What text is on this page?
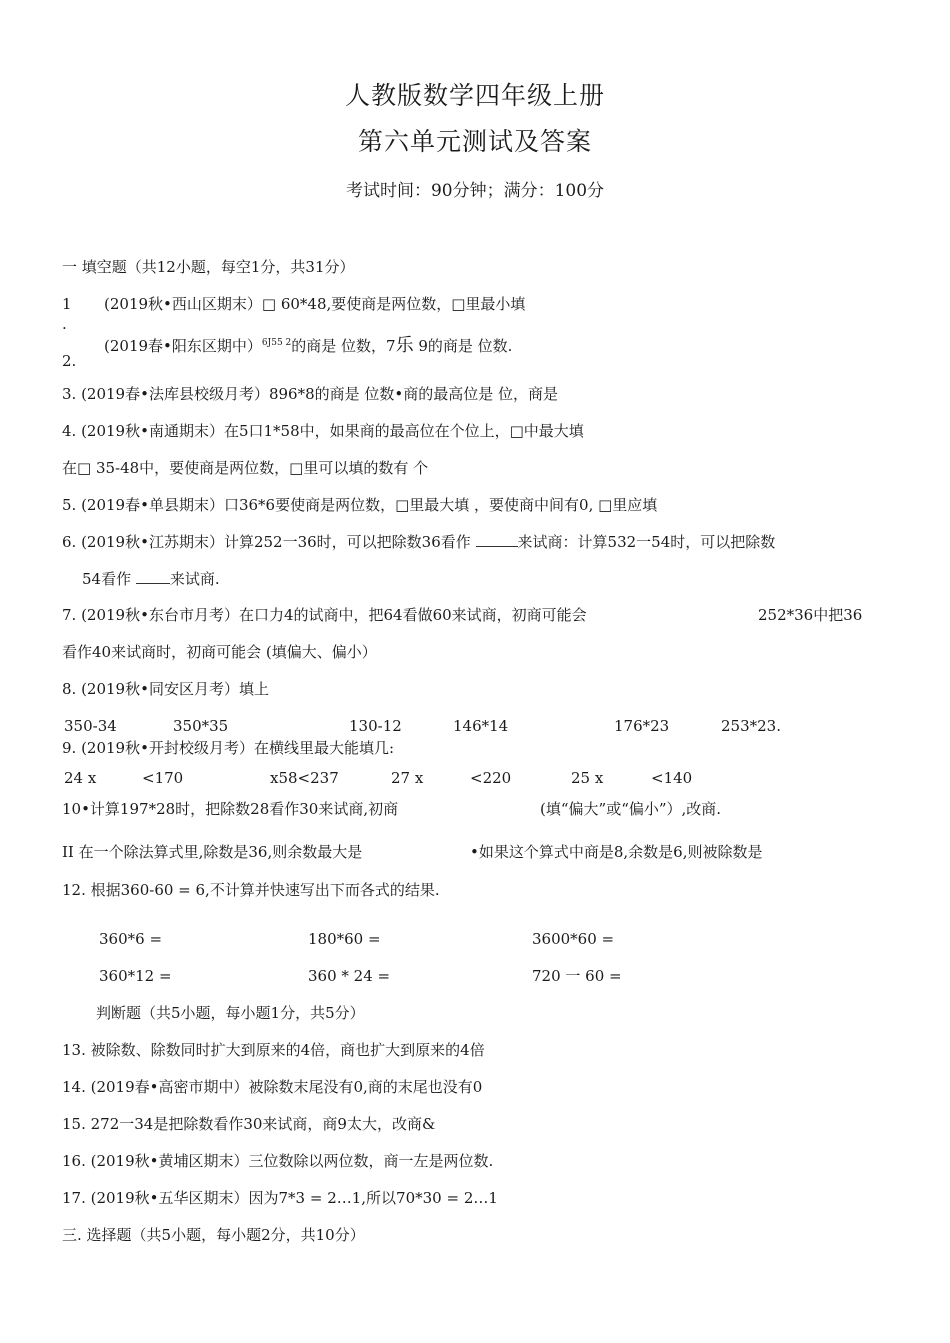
人教版数学四年级上册
第六单元测试及答案
考试时间：90分钟；满分：100分
一 填空题（共12小题，每空1分，共31分）
1
.
(2019秋•西山区期末）□ 60*48,要使商是两位数，□里最小填
(2019春•阳东区期中）$^{6J55 2}$的商是 位数，7乐 9的商是 位数.
2.
3. (2019春•法库县校级月考）896*8的商是 位数•商的最高位是 位，商是
4. (2019秋•南通期末）在5口1*58中，如果商的最高位在个位上，□中最大填
在□ 35-48中，要使商是两位数，□里可以填的数有 个
5. (2019春•单县期末）口36*6要使商是两位数，□里最大填 ，要使商中间有0, □里应填
6. (2019秋•江苏期末）计算252一36时，可以把除数36看作	来试商：计算532一54时，可以把除数
54看作 来试商.
7. (2019秋•东台市月考）在口力4的试商中，把64看做60来试商，初商可能会	252*36中把36
看作40来试商时，初商可能会 (填偏大、偏小）
8. (2019秋•同安区月考）填上
350-34	350*35	130-12	146*14	176*23	253*23.
9. (2019秋•开封校级月考）在横线里最大能填几:
24 x	<170	x58<237	27 x	<220	25 x	<140
10•计算197*28时，把除数28看作30来试商,初商	(填“偏大”或“偏小”）,改商.
II 在一个除法算式里,除数是36,则余数最大是	•如果这个算式中商是8,余数是6,则被除数是
12. 根据360-60 = 6,不计算并快速写出下而各式的结果.
360*6 =	180*60 =	3600*60 =
360*12 =	360 * 24 =	720 一 60 =
判断题（共5小题，每小题1分，共5分）
13. 被除数、除数同时扩大到原来的4倍，商也扩大到原来的4倍
14. (2019春•高密市期中）被除数末尾没有0,商的末尾也没有0
15. 272一34是把除数看作30来试商，商9太大，改商&
16. (2019秋•黄埔区期末）三位数除以两位数，商一左是两位数.
17. (2019秋•五华区期末）因为7*3 = 2…1,所以70*30 = 2…1
三. 选择题（共5小题，每小题2分，共10分）
